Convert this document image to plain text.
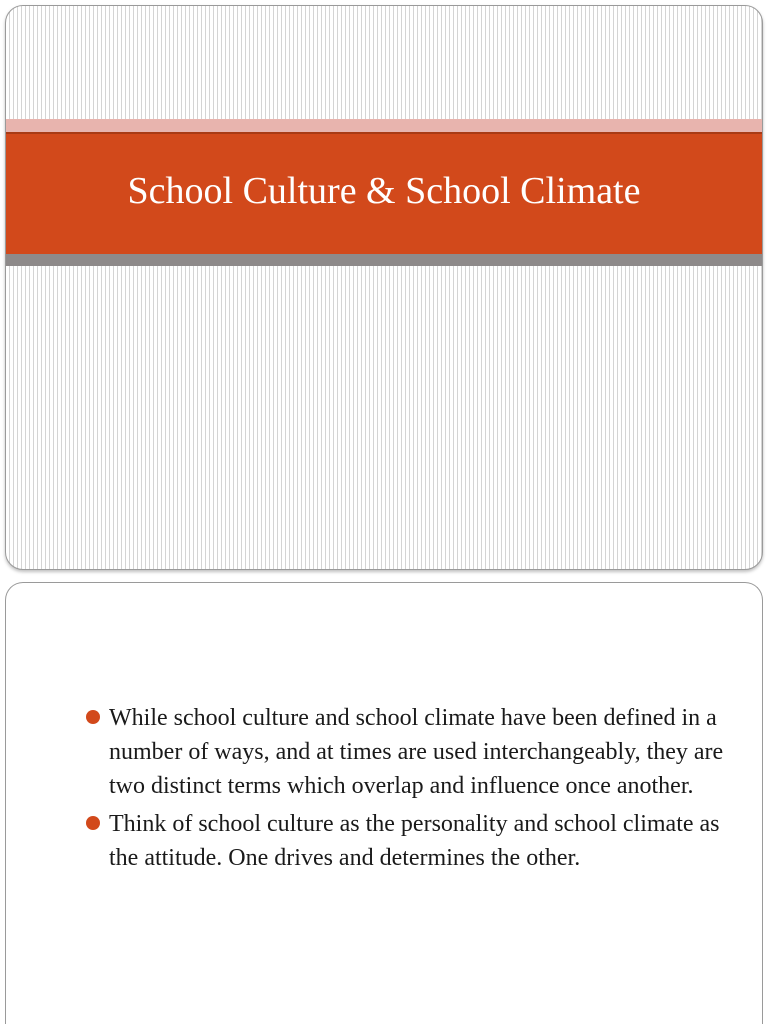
School Culture & School Climate
While school culture and school climate have been defined in a number of ways, and at times are used interchangeably, they are two distinct terms which overlap and influence once another.
Think of school culture as the personality and school climate as the attitude. One drives and determines the other.
